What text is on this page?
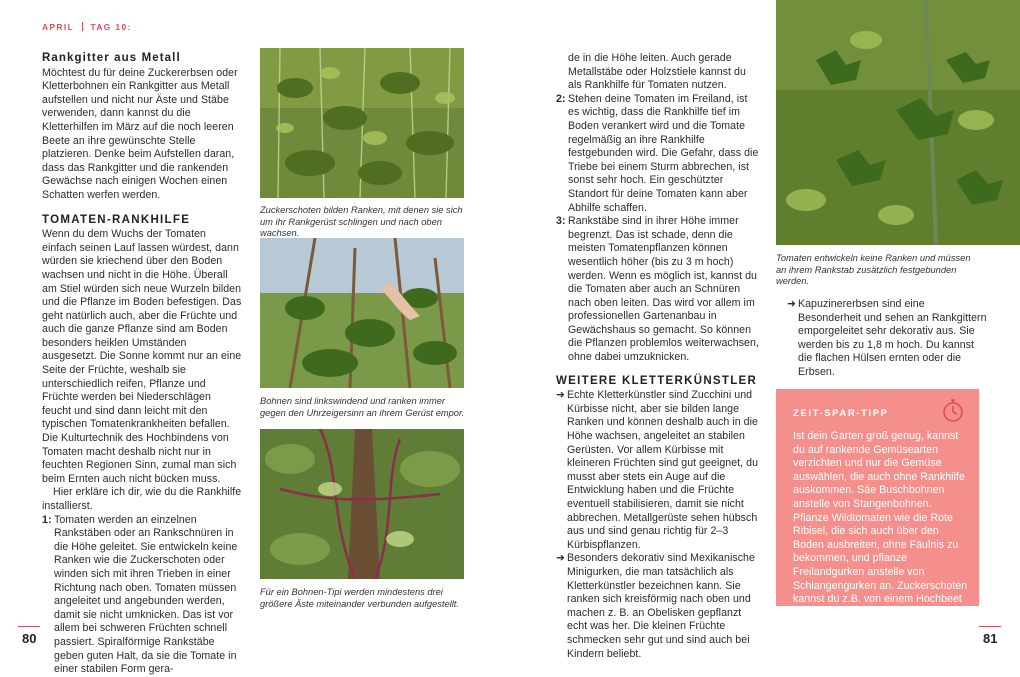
APRIL TAG 10:
Rankgitter aus Metall

Möchtest du für deine Zuckererbsen oder Kletterbohnen ein Rankgitter aus Metall aufstellen und nicht nur Äste und Stäbe verwenden, dann kannst du die Kletterhilfen im März auf die noch leeren Beete an ihre gewünschte Stelle platzieren. Denke beim Aufstellen daran, dass das Rankgitter und die rankenden Gewächse nach einigen Wochen einen Schatten werfen werden.

TOMATEN-RANKHILFE

Wenn du dem Wuchs der Tomaten einfach seinen Lauf lassen würdest, dann würden sie kriechend über den Boden wachsen und nicht in die Höhe. Überall am Stiel würden sich neue Wurzeln bilden und die Pflanze im Boden befestigen. Das geht natürlich auch, aber die Früchte und auch die ganze Pflanze sind am Boden besonders heiklen Umständen ausgesetzt. Die Sonne kommt nur an eine Seite der Früchte, weshalb sie unterschiedlich reifen, Pflanze und Früchte werden bei Niederschlägen feucht und sind dann leicht mit den typischen Tomatenkrankheiten befallen. Die Kulturtechnik des Hochbindens von Tomaten macht deshalb nicht nur in feuchten Regionen Sinn, zumal man sich beim Ernten auch nicht bücken muss.

Hier erkläre ich dir, wie du die Rankhilfe installierst.

1: Tomaten werden an einzelnen Rankstäben oder an Rankschnüren in die Höhe geleitet. Sie entwickeln keine Ranken wie die Zuckerschoten oder winden sich mit ihren Trieben in einer Richtung nach oben. Tomaten müssen angeleitet und angebunden werden, damit sie nicht umknicken. Das ist vor allem bei schweren Früchten schnell passiert. Spiralförmige Rankstäbe geben guten Halt, da sie die Tomate in einer stabilen Form gera-
Zuckerschoten bilden Ranken, mit denen sie sich um ihr Rankgerüst schlingen und nach oben wachsen.
Bohnen sind linkswindend und ranken immer gegen den Uhrzeigersinn an ihrem Gerüst empor.
Für ein Bohnen-Tipi werden mindestens drei größere Äste miteinander verbunden aufgestellt.

de in die Höhe leiten. Auch gerade Metallstäbe oder Holzstiele kannst du als Rankhilfe für Tomaten nutzen.

2: Stehen deine Tomaten im Freiland, ist es wichtig, dass die Rankhilfe tief im Boden verankert wird und die Tomate regelmäßig an ihre Rankhilfe festgebunden wird. Die Gefahr, dass die Triebe bei einem Sturm abbrechen, ist sonst sehr hoch. Ein geschützter Standort für deine Tomaten kann aber Abhilfe schaffen.
3: Rankstäbe sind in ihrer Höhe immer begrenzt. Das ist schade, denn die meisten Tomatenpflanzen können wesentlich höher (bis zu 3 m hoch) werden. Wenn es möglich ist, kannst du die Tomaten aber auch an Schnüren nach oben leiten. Das wird vor allem im professionellen Gartenanbau in Gewächshaus so gemacht. So können die Pflanzen problemlos weiterwachsen, ohne dabei umzuknicken.
WEITERE KLETTERKÜNSTLER
➜ Echte Kletterkünstler sind Zucchini und Kürbisse nicht, aber sie bilden lange Ranken und können deshalb auch in die Höhe wachsen, angeleitet an stabilen Gerüsten. Vor allem Kürbisse mit kleineren Früchten sind gut geeignet, du musst aber stets ein Auge auf die Entwicklung haben und die Früchte eventuell stabilisieren, damit sie nicht abbrechen. Metallgerüste sehen hübsch aus und sind genau richtig für 2–3 Kürbispflanzen.
➜ Besonders dekorativ sind Mexikanische Minigurken, die man tatsächlich als Kletterkünstler bezeichnen kann. Sie ranken sich kreisförmig nach oben und machen z. B. an Obelisken gepflanzt echt was her. Die kleinen Früchte schmecken sehr gut und sind auch bei Kindern beliebt.
Tomaten entwickeln keine Ranken und müssen an ihrem Rankstab zusätzlich festgebunden werden.
➜ Kapuzinererbsen sind eine Besonderheit und sehen an Rankgittern emporgeleitet sehr dekorativ aus. Sie werden bis zu 1,8 m hoch. Du kannst die flachen Hülsen ernten oder die Erbsen.
ZEIT-SPAR-TIPP
Ist dein Garten groß genug, kannst du auf rankende Gemüsearten verzichten und nur die Gemüse auswählen, die auch ohne Rankhilfe auskommen. Säe Buschbohnen anstelle von Stangenbohnen. Pflanze Wildtomaten wie die Rote Ribisel, die sich auch über den Boden ausbreiten, ohne Fäulnis zu bekommen, und pflanze Freilandgurken anstelle von Schlangengurken an. Zuckerschoten kannst du z.B. von einem Hochbeet runterhängen lassen.
80	81
